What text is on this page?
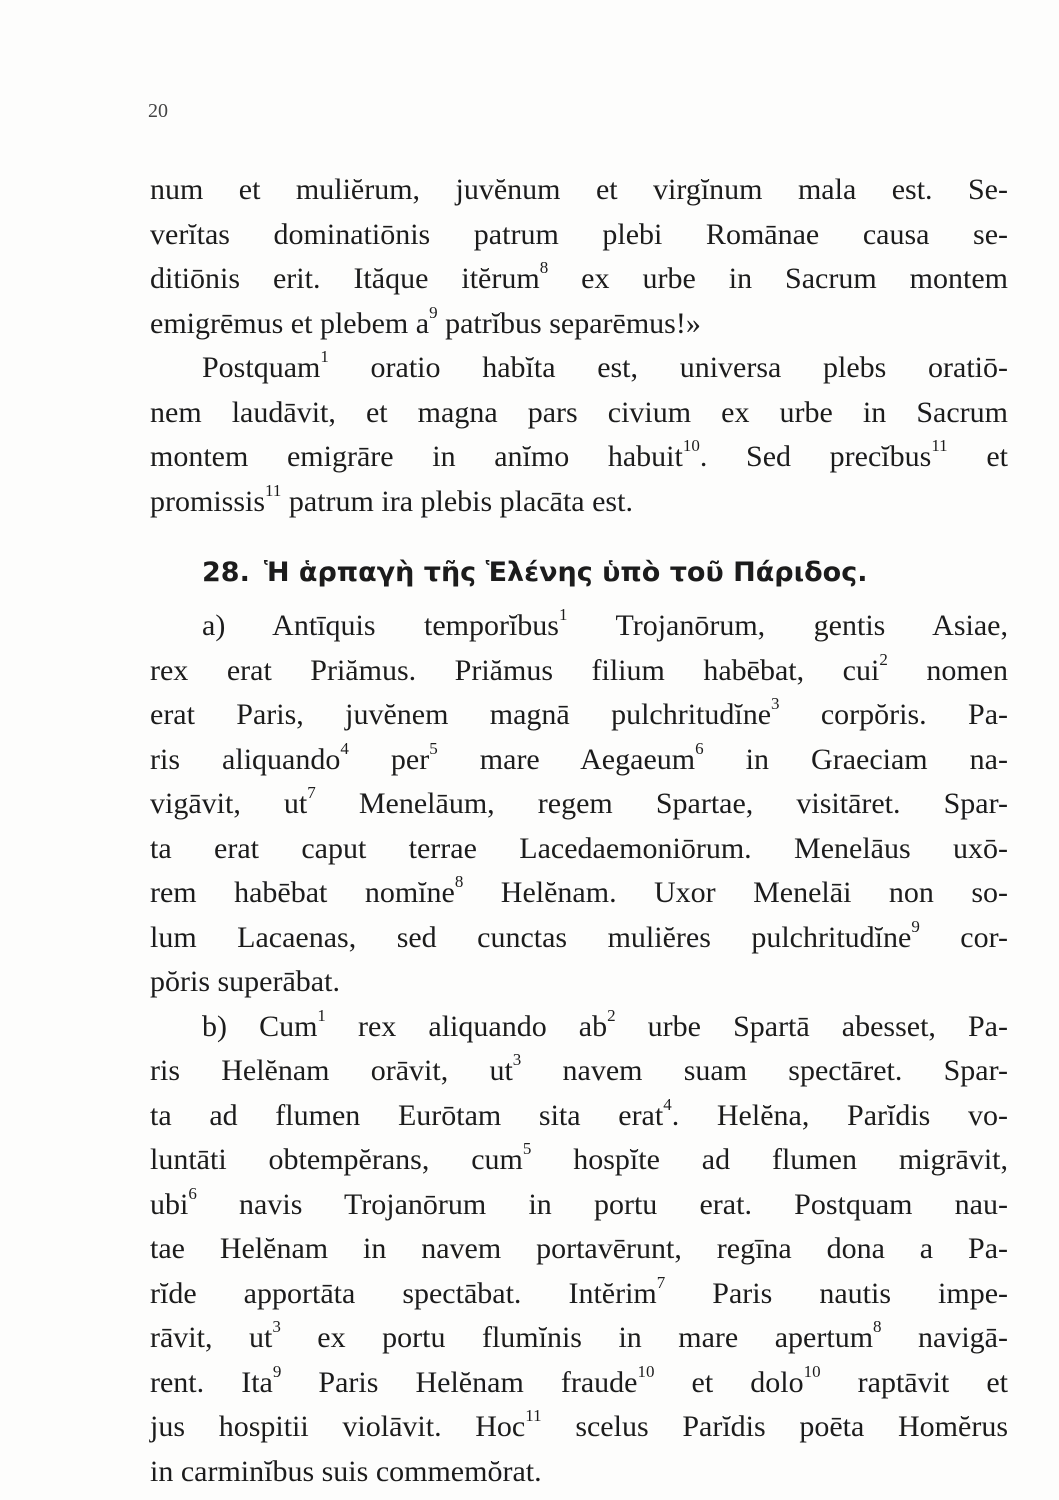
20
num et muliĕrum, juvĕnum et virgĭnum mala est. Se-
verĭtas dominatiōnis patrum plebi Romānae causa se-
ditiōnis erit. Ităque itĕrum$^8$ ex urbe in Sacrum montem
emigrēmus et plebem $a^9$ patrĭbus separēmus!»
Postquam$^1$ oratio habĭta est, universa plebs oratiō-
nem laudāvit, et magna pars civium ex urbe in Sacrum
montem emigrāre in anĭmo habuit$^{10}$. Sed precĭbus$^{11}$ et
promissis$^{11}$ patrum ira plebis placāta est.
28. Ἡ ἁρπαγὴ τῆς Ἑλένης ὑπὸ τοῦ Πάριδος.
a) Antīquis temporĭbus$^1$ Trojanōrum, gentis Asiae,
rex erat Priămus. Priămus filium habēbat, cui$^2$ nomen
erat Paris, juvĕnem magnā pulchritudĭne$^3$ corpŏris. Pa-
ris aliquando$^4$ per$^5$ mare Aegaeum$^6$ in Graeciam na-
vigāvit, $ut^7$ Menelāum, regem Spartae, visitāret. Spar-
ta erat caput terrae Lacedaemoniōrum. Menelāus uxō-
rem habēbat nomĭne$^8$ Helĕnam. Uxor Menelāi non so-
lum Lacaenas, sed cunctas muliĕres pulchritudĭne$^9$ cor-
pŏris superābat.
b) Cum$^1$ rex aliquando $ab^2$ urbe Spartā abesset, Pa-
ris Helĕnam orāvit, $ut^3$ navem suam spectāret. Spar-
ta ad flumen Eurōtam sita erat$^4$. Helĕna, Parĭdis vo-
luntāti obtempĕrans, cum$^5$ hospĭte ad flumen migrāvit,
ubi$^6$ navis Trojanōrum in portu erat. Postquam nau-
tae Helĕnam in navem portavērunt, regīna dona a Pa-
rĭde apportāta spectābat. Intĕrim$^7$ Paris nautis impe-
rāvit, $ut^3$ ex portu flumĭnis in mare apertum$^8$ navigā-
rent. Ita$^9$ Paris Helĕnam fraude$^{10}$ et dolo$^{10}$ raptāvit et
jus hospitii violāvit. Hoc$^{11}$ scelus Parĭdis poēta Homĕrus
in carminĭbus suis commemŏrat.
